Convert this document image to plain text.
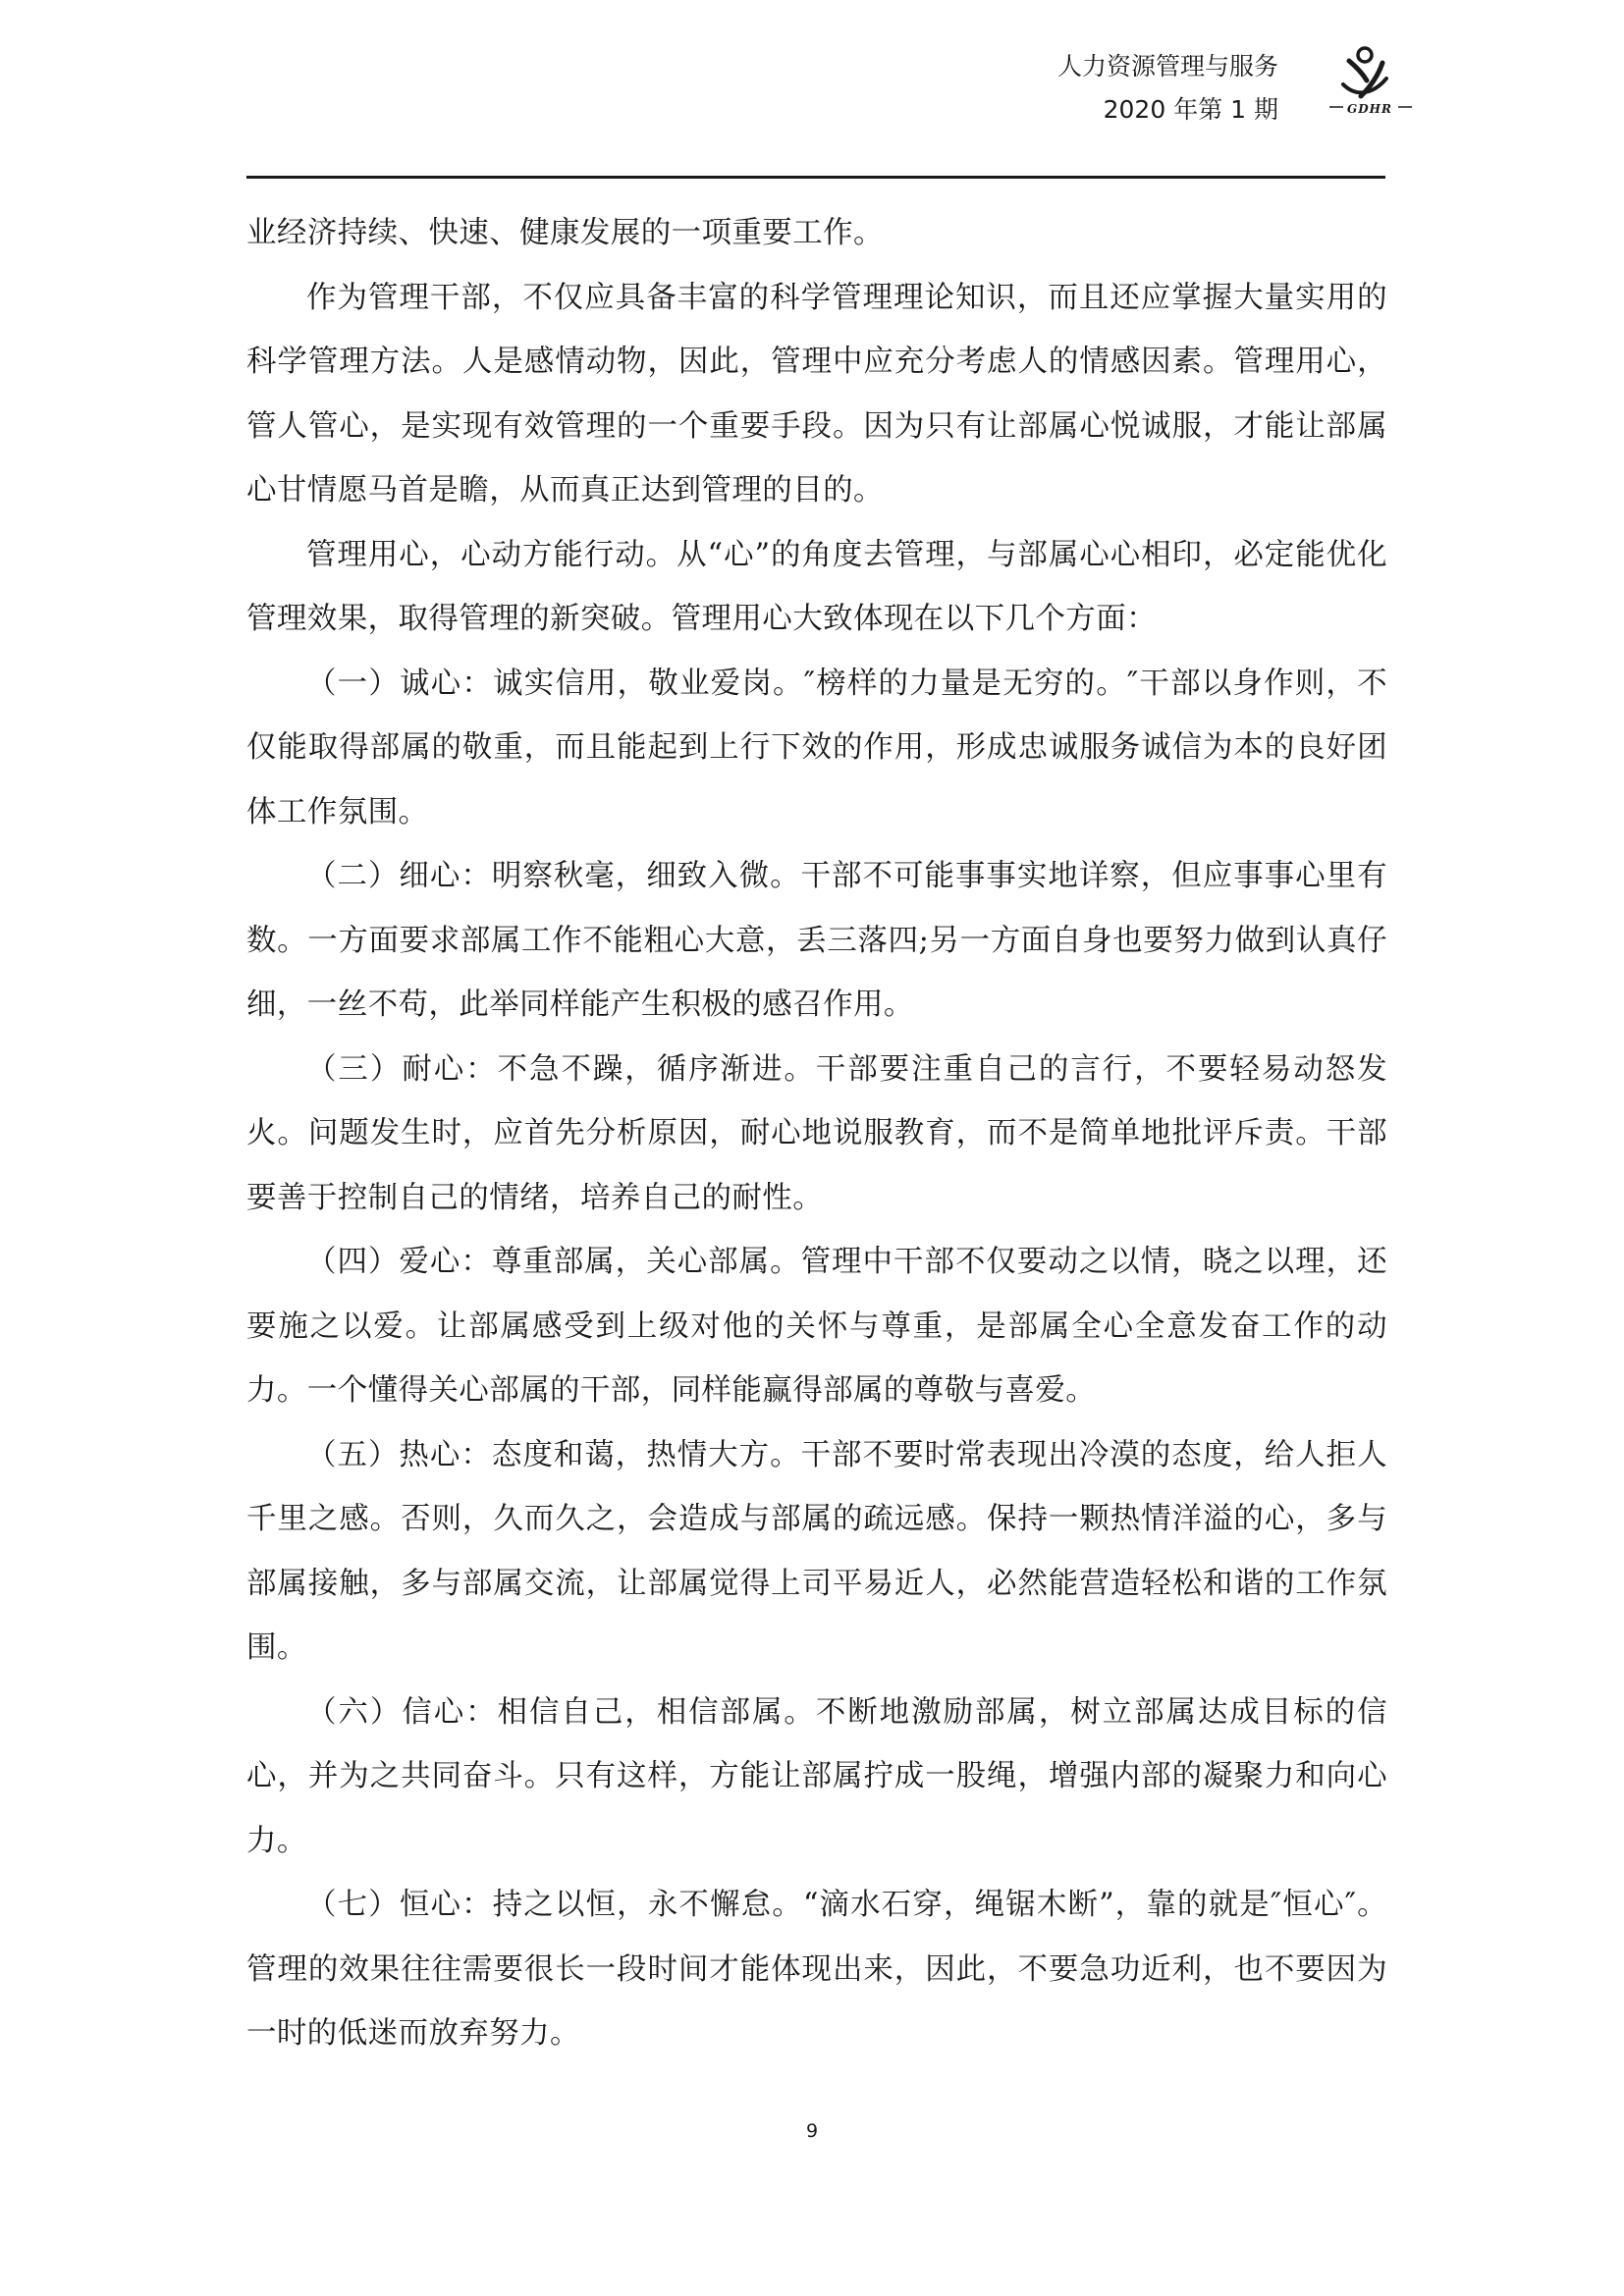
人力资源管理与服务
2020 年第 1 期	GDHR

业经济持续、快速、健康发展的一项重要工作。

作为管理干部，不仅应具备丰富的科学管理理论知识，而且还应掌握大量实用的科学管理方法。人是感情动物，因此，管理中应充分考虑人的情感因素。管理用心，管人管心，是实现有效管理的一个重要手段。因为只有让部属心悦诚服，才能让部属心甘情愿马首是瞻，从而真正达到管理的目的。

管理用心，心动方能行动。从“心”的角度去管理，与部属心心相印，必定能优化管理效果，取得管理的新突破。管理用心大致体现在以下几个方面：

（一）诚心：诚实信用，敬业爱岗。″榜样的力量是无穷的。″干部以身作则，不仅能取得部属的敬重，而且能起到上行下效的作用，形成忠诚服务诚信为本的良好团体工作氛围。

（二）细心：明察秋毫，细致入微。干部不可能事事实地详察，但应事事心里有数。一方面要求部属工作不能粗心大意，丢三落四;另一方面自身也要努力做到认真仔细，一丝不苟，此举同样能产生积极的感召作用。

（三）耐心：不急不躁，循序渐进。干部要注重自己的言行，不要轻易动怒发火。问题发生时，应首先分析原因，耐心地说服教育，而不是简单地批评斥责。干部要善于控制自己的情绪，培养自己的耐性。

（四）爱心：尊重部属，关心部属。管理中干部不仅要动之以情，晓之以理，还要施之以爱。让部属感受到上级对他的关怀与尊重，是部属全心全意发奋工作的动力。一个懂得关心部属的干部，同样能赢得部属的尊敬与喜爱。

（五）热心：态度和蔼，热情大方。干部不要时常表现出冷漠的态度，给人拒人千里之感。否则，久而久之，会造成与部属的疏远感。保持一颗热情洋溢的心，多与部属接触，多与部属交流，让部属觉得上司平易近人，必然能营造轻松和谐的工作氛围。

（六）信心：相信自己，相信部属。不断地激励部属，树立部属达成目标的信心，并为之共同奋斗。只有这样，方能让部属拧成一股绳，增强内部的凝聚力和向心力。

（七）恒心：持之以恒，永不懈怠。“滴水石穿，绳锯木断”，靠的就是″恒心″。管理的效果往往需要很长一段时间才能体现出来，因此，不要急功近利，也不要因为一时的低迷而放弃努力。

9
